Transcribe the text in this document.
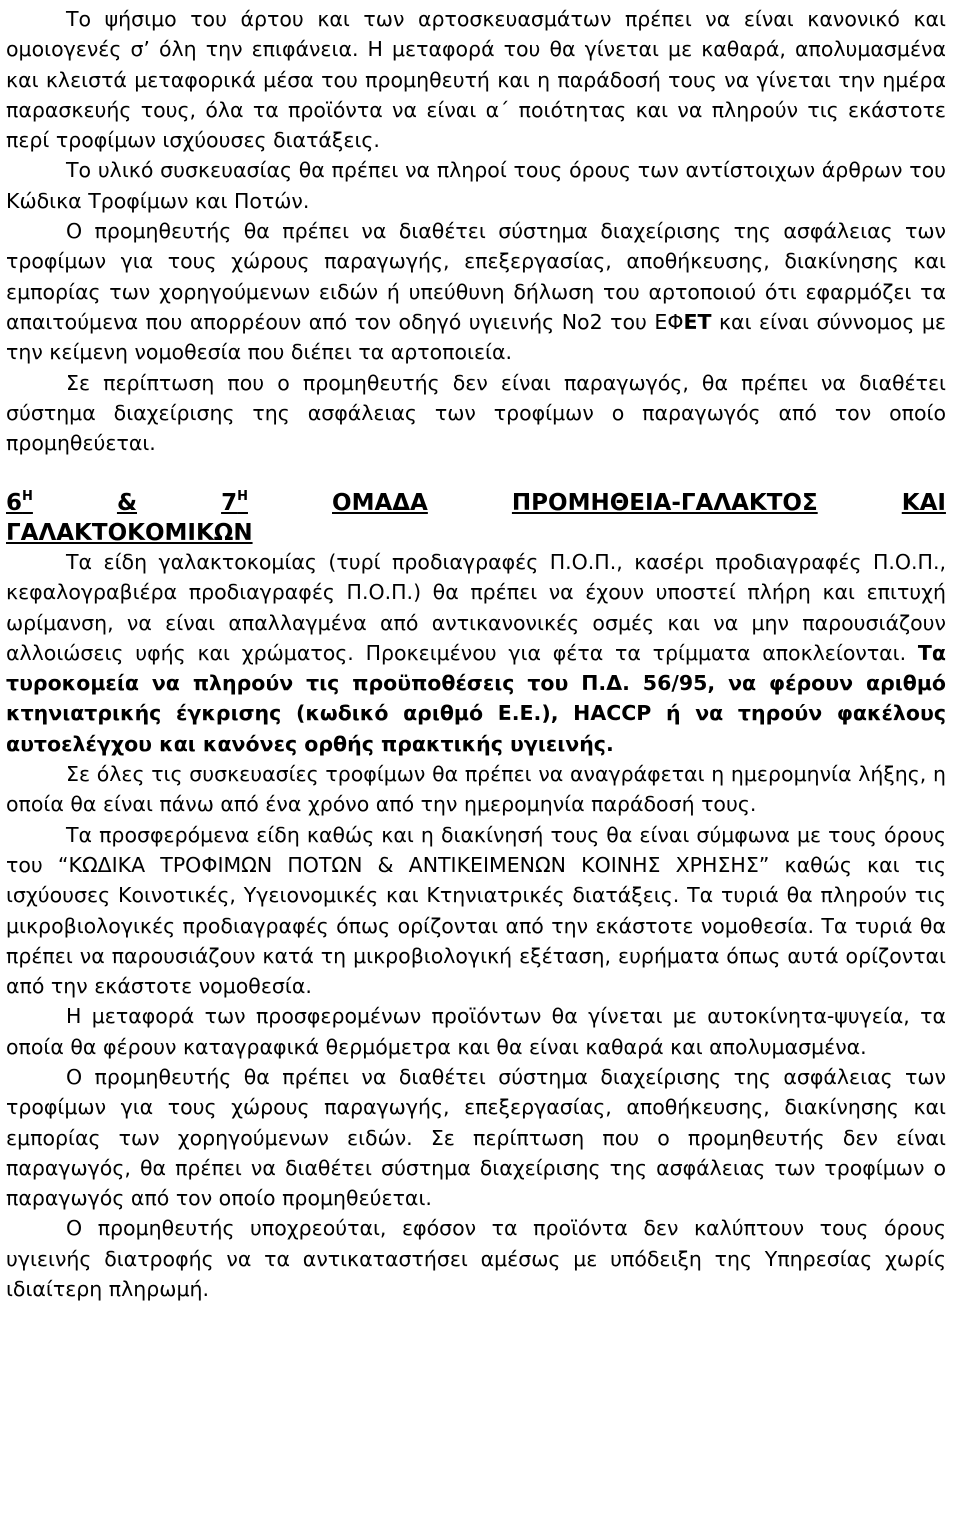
Το ψήσιμο του άρτου και των αρτοσκευασμάτων πρέπει να είναι κανονικό και ομοιογενές σ’ όλη την επιφάνεια. Η μεταφορά του θα γίνεται με καθαρά, απολυμασμένα και κλειστά μεταφορικά μέσα του προμηθευτή και η παράδοσή τους να γίνεται την ημέρα παρασκευής τους, όλα τα προϊόντα να είναι α΄ ποιότητας και να πληρούν τις εκάστοτε περί τροφίμων ισχύουσες διατάξεις.

Το υλικό συσκευασίας θα πρέπει να πληροί τους όρους των αντίστοιχων άρθρων του Κώδικα Τροφίμων και Ποτών.

Ο προμηθευτής θα πρέπει να διαθέτει σύστημα διαχείρισης της ασφάλειας των τροφίμων για τους χώρους παραγωγής, επεξεργασίας, αποθήκευσης, διακίνησης και εμπορίας των χορηγούμενων ειδών ή υπεύθυνη δήλωση του αρτοποιού ότι εφαρμόζει τα απαιτούμενα που απορρέουν από τον οδηγό υγιεινής Νο2 του ΕΦΕΤ και είναι σύννομος με την κείμενη νομοθεσία που διέπει τα αρτοποιεία.

Σε περίπτωση που ο προμηθευτής δεν είναι παραγωγός, θα πρέπει να διαθέτει σύστημα διαχείρισης της ασφάλειας των τροφίμων ο παραγωγός από τον οποίο προμηθεύεται.

$6^H$	&	$7^H$	ΟΜΑΔΑ	ΠΡΟΜΗΘΕΙΑ-ΓΑΛΑΚΤΟΣ	ΚΑΙ
ΓΑΛΑΚΤΟΚΟΜΙΚΩΝ

Τα είδη γαλακτοκομίας (τυρί προδιαγραφές Π.Ο.Π., κασέρι προδιαγραφές Π.Ο.Π., κεφαλογραβιέρα προδιαγραφές Π.Ο.Π.) θα πρέπει να έχουν υποστεί πλήρη και επιτυχή ωρίμανση, να είναι απαλλαγμένα από αντικανονικές οσμές και να μην παρουσιάζουν αλλοιώσεις υφής και χρώματος. Προκειμένου για φέτα τα τρίμματα αποκλείονται. Τα τυροκομεία να πληρούν τις προϋποθέσεις του Π.Δ. 56/95, να φέρουν αριθμό κτηνιατρικής έγκρισης (κωδικό αριθμό Ε.Ε.), HACCP ή να τηρούν φακέλους αυτοελέγχου και κανόνες ορθής πρακτικής υγιεινής.

Σε όλες τις συσκευασίες τροφίμων θα πρέπει να αναγράφεται η ημερομηνία λήξης, η οποία θα είναι πάνω από ένα χρόνο από την ημερομηνία παράδοσή τους.

Τα προσφερόμενα είδη καθώς και η διακίνησή τους θα είναι σύμφωνα με τους όρους του “ΚΩΔΙΚΑ ΤΡΟΦΙΜΩΝ ΠΟΤΩΝ & ΑΝΤΙΚΕΙΜΕΝΩΝ ΚΟΙΝΗΣ ΧΡΗΣΗΣ” καθώς και τις ισχύουσες Κοινοτικές, Υγειονομικές και Κτηνιατρικές διατάξεις. Τα τυριά θα πληρούν τις μικροβιολογικές προδιαγραφές όπως ορίζονται από την εκάστοτε νομοθεσία. Τα τυριά θα πρέπει να παρουσιάζουν κατά τη μικροβιολογική εξέταση, ευρήματα όπως αυτά ορίζονται από την εκάστοτε νομοθεσία.

Η μεταφορά των προσφερομένων προϊόντων θα γίνεται με αυτοκίνητα-ψυγεία, τα οποία θα φέρουν καταγραφικά θερμόμετρα και θα είναι καθαρά και απολυμασμένα.

Ο προμηθευτής θα πρέπει να διαθέτει σύστημα διαχείρισης της ασφάλειας των τροφίμων για τους χώρους παραγωγής, επεξεργασίας, αποθήκευσης, διακίνησης και εμπορίας των χορηγούμενων ειδών. Σε περίπτωση που ο προμηθευτής δεν είναι παραγωγός, θα πρέπει να διαθέτει σύστημα διαχείρισης της ασφάλειας των τροφίμων ο παραγωγός από τον οποίο προμηθεύεται.

Ο προμηθευτής υποχρεούται, εφόσον τα προϊόντα δεν καλύπτουν τους όρους υγιεινής διατροφής να τα αντικαταστήσει αμέσως με υπόδειξη της Υπηρεσίας χωρίς ιδιαίτερη πληρωμή.
